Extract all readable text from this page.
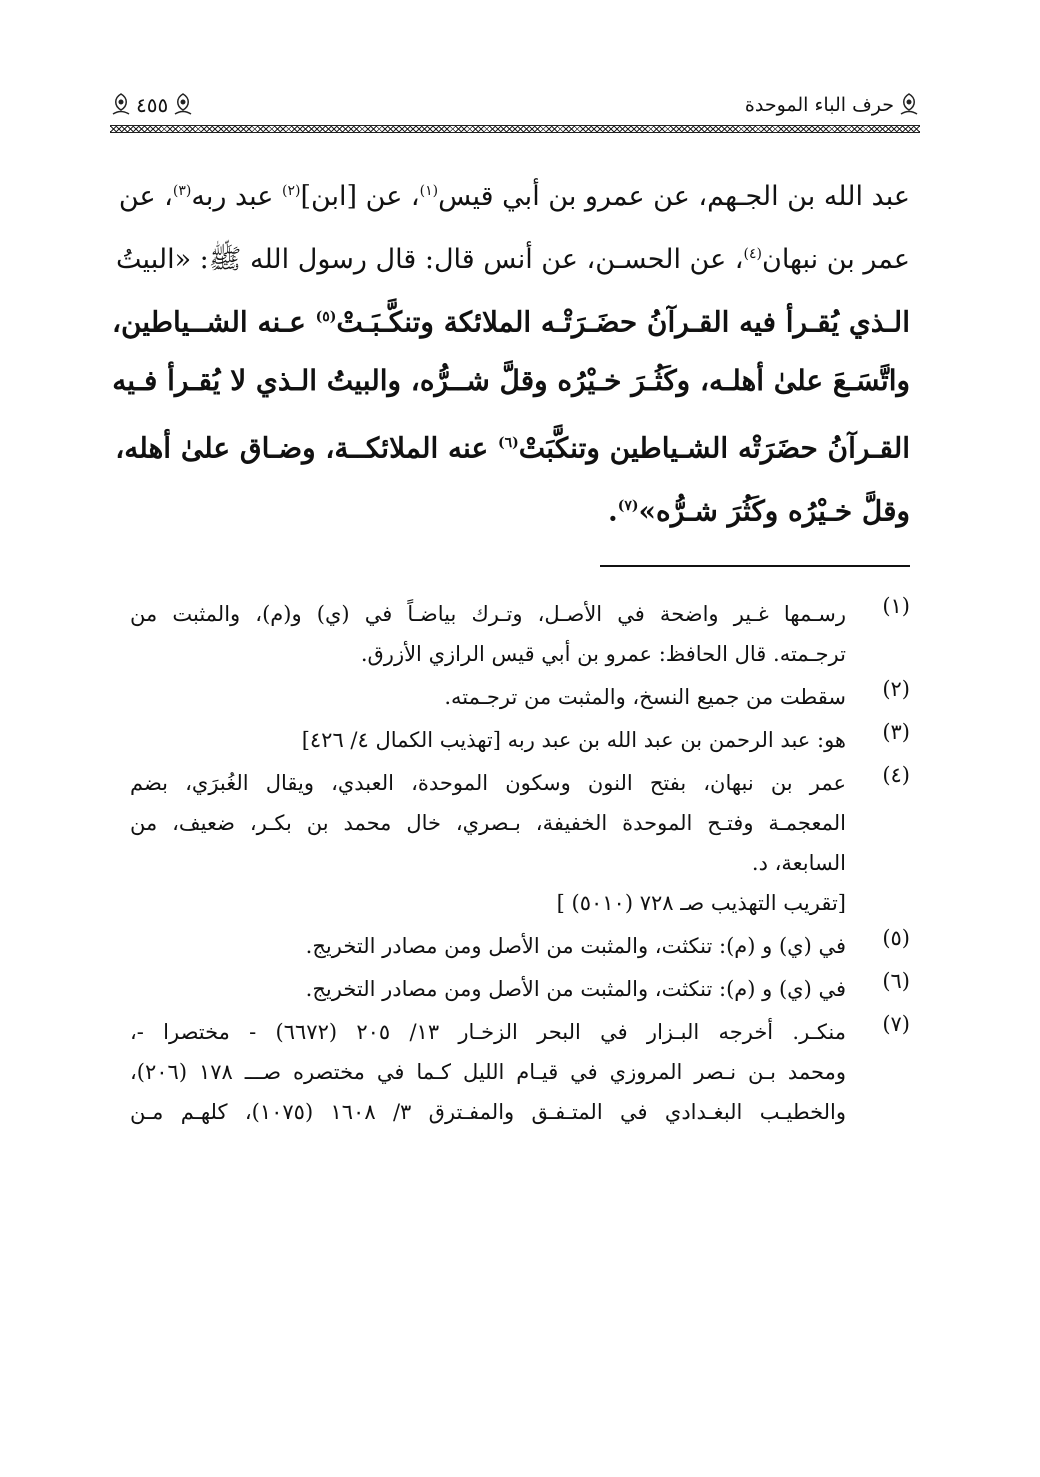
٤٥٥	حرف الباء الموحدة
عبد الله بن الجـهم، عن عمرو بن أبي قيس$^{(١)}$، عن [ابن]$^{(٢)}$ عبد ربه$^{(٣)}$، عن
عمر بن نبهان$^{(٤)}$، عن الحسـن، عن أنس قال: قال رسول الله ﷺ: «البيتُ
الـذي يُقـرأ فيه القـرآنُ حضَـرَتْـه الملائكة وتنكَّـبَـتْ$^{(٥)}$ عـنه الشــياطين،
واتَّسَـعَ علىٰ أهلـه، وكَثُـرَ خـيْرُه وقلَّ شــرُّه، والبيتُ الـذي لا يُقـرأ فـيه
القـرآنُ حضَرَتْه الشـياطين وتنكَّبَتْ$^{(٦)}$ عنه الملائكــة، وضـاق علىٰ أهله،
وقلَّ خـيْرُه وكَثُرَ شـرُّه»$^{(٧)}$.
(١)
رسـمها غـير واضحة في الأصـل، وتـرك بياضـاً في (ي) و(م)، والمثبت من
ترجـمته. قال الحافظ: عمرو بن أبي قيس الرازي الأزرق.
(٢)
سقطت من جميع النسخ، والمثبت من ترجـمته.
(٣)
هو: عبد الرحمن بن عبد الله بن عبد ربه [تهذيب الكمال ٤/ ٤٢٦]
(٤)
عمر بن نبهان، بفتح النون وسكون الموحدة، العبدي، ويقال الغُبرَي، بضم
المعجمـة وفتـح الموحدة الخفيفة، بـصري، خال محمد بن بكـر، ضعيف، من
السابعة، د.
[تقريب التهذيب صـ ٧٢٨ (٥٠١٠) ]
(٥)
في (ي) و (م): تنكثت، والمثبت من الأصل ومن مصادر التخريج.
(٦)
في (ي) و (م): تنكثت، والمثبت من الأصل ومن مصادر التخريج.
(٧)
منكـر. أخرجه البـزار في البحر الزخـار ١٣/ ٢٠٥ (٦٦٧٢) - مختصرا -،
ومحمد بـن نـصر المروزي في قيـام الليل كـما في مختصره صـــ ١٧٨ (٢٠٦)،
والخطيـب البغـدادي في المتـفـق والمفـترق ٣/ ١٦٠٨ (١٠٧٥)، كلهـم مـن
